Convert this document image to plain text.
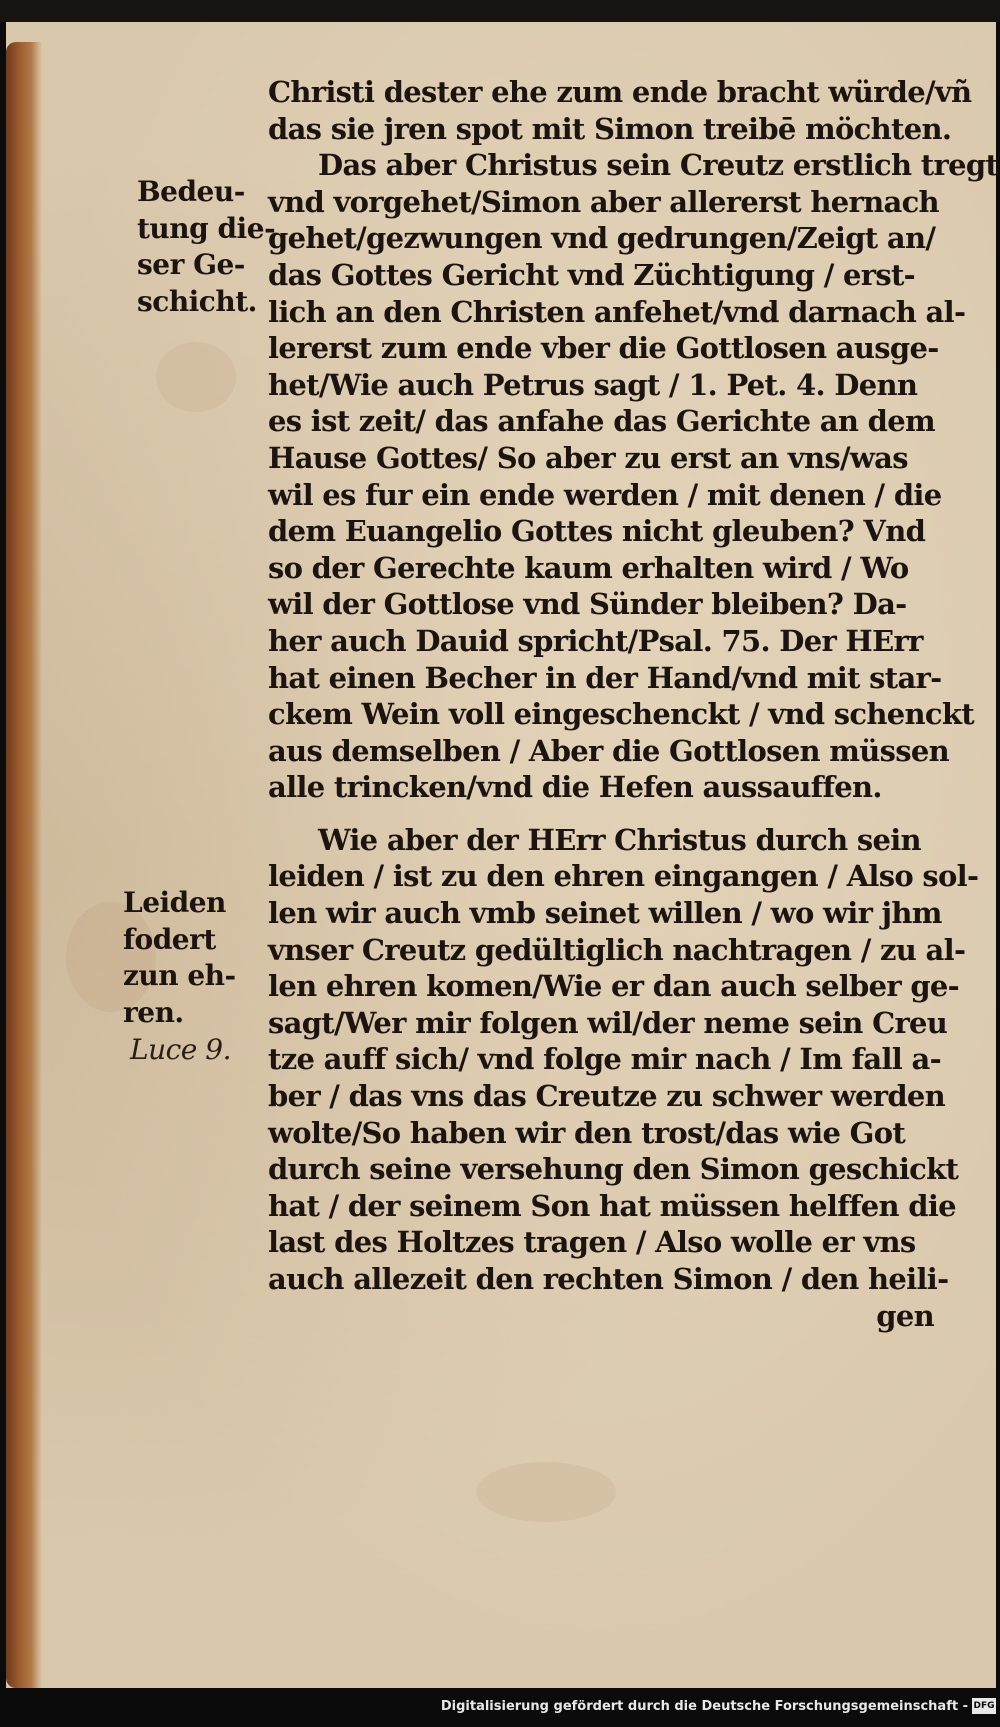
Christi dester ehe zum ende bracht würde/vñ
das sie jren spot mit Simon treibē möchten.
Das aber Christus sein Creutz erstlich tregt
vnd vorgehet/Simon aber allererst hernach
gehet/gezwungen vnd gedrungen/Zeigt an/
das Gottes Gericht vnd Züchtigung / erst-
lich an den Christen anfehet/vnd darnach al-
lererst zum ende vber die Gottlosen ausge-
het/Wie auch Petrus sagt / 1. Pet. 4. Denn
es ist zeit/ das anfahe das Gerichte an dem
Hause Gottes/ So aber zu erst an vns/was
wil es fur ein ende werden / mit denen / die
dem Euangelio Gottes nicht gleuben? Vnd
so der Gerechte kaum erhalten wird / Wo
wil der Gottlose vnd Sünder bleiben? Da-
her auch Dauid spricht/Psal. 75. Der HErr
hat einen Becher in der Hand/vnd mit star-
ckem Wein voll eingeschenckt / vnd schenckt
aus demselben / Aber die Gottlosen müssen
alle trincken/vnd die Hefen aussauffen.
Wie aber der HErr Christus durch sein
leiden / ist zu den ehren eingangen / Also sol-
len wir auch vmb seinet willen / wo wir jhm
vnser Creutz gedültiglich nachtragen / zu al-
len ehren komen/Wie er dan auch selber ge-
sagt/Wer mir folgen wil/der neme sein Creu
tze auff sich/ vnd folge mir nach / Im fall a-
ber / das vns das Creutze zu schwer werden
wolte/So haben wir den trost/das wie Got
durch seine versehung den Simon geschickt
hat / der seinem Son hat müssen helffen die
last des Holtzes tragen / Also wolle er vns
auch allezeit den rechten Simon / den heili-
gen
Bedeu-
tung die-
ser Ge-
schicht.
Leiden
fodert
zun eh-
ren.
Luce 9.
Digitalisierung gefördert durch die Deutsche Forschungsgemeinschaft - DFG
